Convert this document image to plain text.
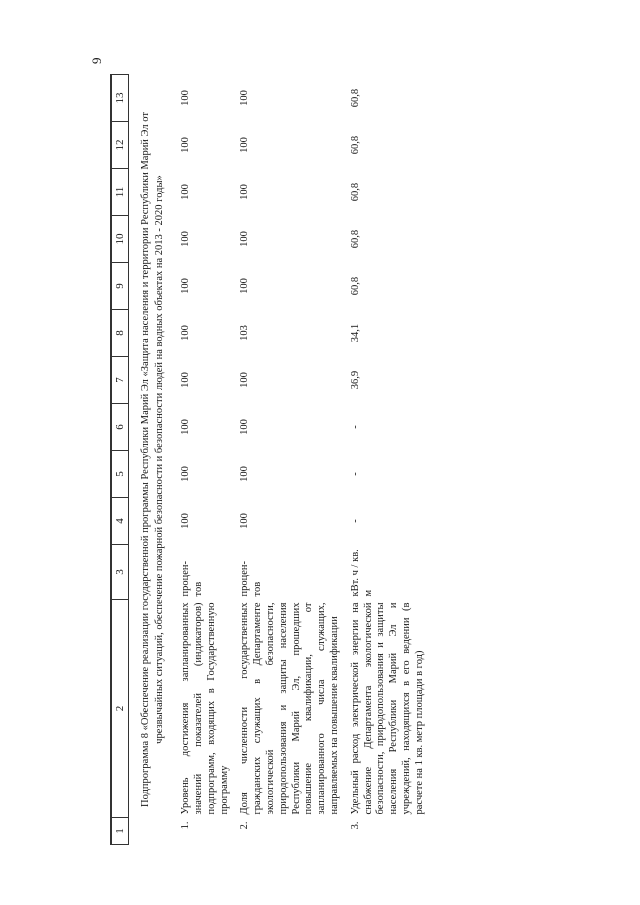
9
1	2	3	4	5	6	7	8	9	10	11	12	13
Подпрограмма 8 «Обеспечение реализации государственной программы Республики Марий Эл «Защита населения и территории Республики Марий Эл от чрезвычайных ситуаций, обеспечение пожарной безопасности и безопасности людей на водных объектах на 2013 - 2020 годы»												
1.	Уровень достижения запланированных значений показателей (индикаторов) подпрограмм, входящих в Государственную программу	процен-тов	100	100	100	100	100	100	100	100	100	100
2.	Доля численности государственных гражданских служащих в Департаменте экологической безопасности, природопользования и защиты населения Республики Марий Эл, прошедших повышение квалификации, от запланированного числа служащих, направляемых на повышение квалификации	процен-тов	100	100	100	100	103	100	100	100	100	100
3.	Удельный расход электрической энергии на снабжение Департамента экологической безопасности, природопользования и защиты населения Республики Марий Эл и учреждений, находящихся в его ведении (в расчете на 1 кв. метр площади в год)	кВт. ч / кв. м	-	-	-	36,9	34,1	60,8	60,8	60,8	60,8	60,8
